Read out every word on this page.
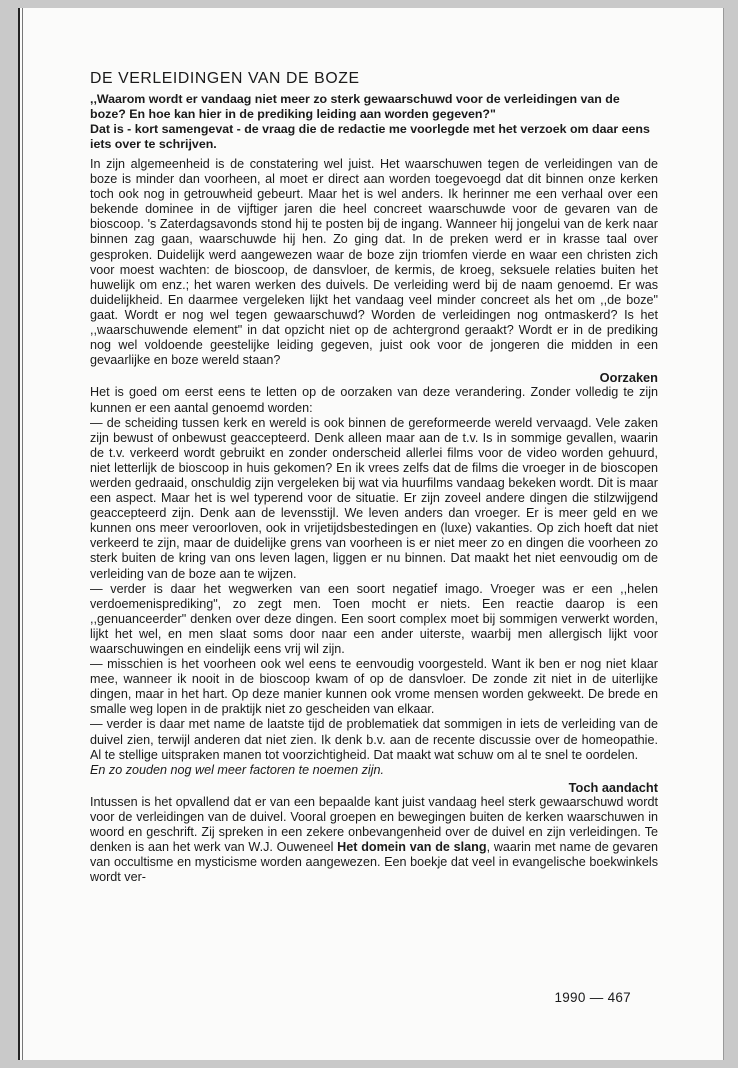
DE VERLEIDINGEN VAN DE BOZE

,,Waarom wordt er vandaag niet meer zo sterk gewaarschuwd voor de verleidingen van de boze? En hoe kan hier in de prediking leiding aan worden gegeven?"

Dat is - kort samengevat - de vraag die de redactie me voorlegde met het verzoek om daar eens iets over te schrijven.

In zijn algemeenheid is de constatering wel juist. Het waarschuwen tegen de verleidingen van de boze is minder dan voorheen, al moet er direct aan worden toegevoegd dat dit binnen onze kerken toch ook nog in getrouwheid gebeurt. Maar het is wel anders. Ik herinner me een verhaal over een bekende dominee in de vijftiger jaren die heel concreet waarschuwde voor de gevaren van de bioscoop. 's Zaterdagsavonds stond hij te posten bij de ingang. Wanneer hij jongelui van de kerk naar binnen zag gaan, waarschuwde hij hen. Zo ging dat. In de preken werd er in krasse taal over gesproken. Duidelijk werd aangewezen waar de boze zijn triomfen vierde en waar een christen zich voor moest wachten: de bioscoop, de dansvloer, de kermis, de kroeg, seksuele relaties buiten het huwelijk om enz.; het waren werken des duivels. De verleiding werd bij de naam genoemd. Er was duidelijkheid. En daarmee vergeleken lijkt het vandaag veel minder concreet als het om ,,de boze" gaat. Wordt er nog wel tegen gewaarschuwd? Worden de verleidingen nog ontmaskerd? Is het ,,waarschuwende element" in dat opzicht niet op de achtergrond geraakt? Wordt er in de prediking nog wel voldoende geestelijke leiding gegeven, juist ook voor de jongeren die midden in een gevaarlijke en boze wereld staan?

Oorzaken

Het is goed om eerst eens te letten op de oorzaken van deze verandering. Zonder volledig te zijn kunnen er een aantal genoemd worden:

— de scheiding tussen kerk en wereld is ook binnen de gereformeerde wereld vervaagd. Vele zaken zijn bewust of onbewust geaccepteerd. Denk alleen maar aan de t.v. Is in sommige gevallen, waarin de t.v. verkeerd wordt gebruikt en zonder onderscheid allerlei films voor de video worden gehuurd, niet letterlijk de bioscoop in huis gekomen? En ik vrees zelfs dat de films die vroeger in de bioscopen werden gedraaid, onschuldig zijn vergeleken bij wat via huurfilms vandaag bekeken wordt. Dit is maar een aspect. Maar het is wel typerend voor de situatie. Er zijn zoveel andere dingen die stilzwijgend geaccepteerd zijn. Denk aan de levensstijl. We leven anders dan vroeger. Er is meer geld en we kunnen ons meer veroorloven, ook in vrijetijdsbestedingen en (luxe) vakanties. Op zich hoeft dat niet verkeerd te zijn, maar de duidelijke grens van voorheen is er niet meer zo en dingen die voorheen zo sterk buiten de kring van ons leven lagen, liggen er nu binnen. Dat maakt het niet eenvoudig om de verleiding van de boze aan te wijzen.

— verder is daar het wegwerken van een soort negatief imago. Vroeger was er een ,,helen verdoemenisprediking", zo zegt men. Toen mocht er niets. Een reactie daarop is een ,,genuanceerder" denken over deze dingen. Een soort complex moet bij sommigen verwerkt worden, lijkt het wel, en men slaat soms door naar een ander uiterste, waarbij men allergisch lijkt voor waarschuwingen en eindelijk eens vrij wil zijn.

— misschien is het voorheen ook wel eens te eenvoudig voorgesteld. Want ik ben er nog niet klaar mee, wanneer ik nooit in de bioscoop kwam of op de dansvloer. De zonde zit niet in de uiterlijke dingen, maar in het hart. Op deze manier kunnen ook vrome mensen worden gekweekt. De brede en smalle weg lopen in de praktijk niet zo gescheiden van elkaar.

— verder is daar met name de laatste tijd de problematiek dat sommigen in iets de verleiding van de duivel zien, terwijl anderen dat niet zien. Ik denk b.v. aan de recente discussie over de homeopathie. Al te stellige uitspraken manen tot voorzichtigheid. Dat maakt wat schuw om al te snel te oordelen.

En zo zouden nog wel meer factoren te noemen zijn.

Toch aandacht

Intussen is het opvallend dat er van een bepaalde kant juist vandaag heel sterk gewaarschuwd wordt voor de verleidingen van de duivel. Vooral groepen en bewegingen buiten de kerken waarschuwen in woord en geschrift. Zij spreken in een zekere onbevangenheid over de duivel en zijn verleidingen. Te denken is aan het werk van W.J. Ouweneel Het domein van de slang, waarin met name de gevaren van occultisme en mysticisme worden aangewezen. Een boekje dat veel in evangelische boekwinkels wordt ver-

1990 — 467
